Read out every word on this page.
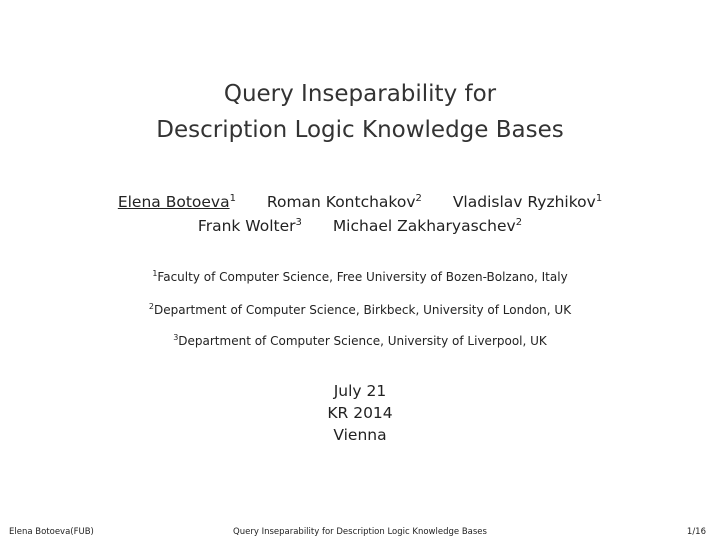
Query Inseparability for
Description Logic Knowledge Bases
Elena Botoeva$^1$ Roman Kontchakov$^2$ Vladislav Ryzhikov$^1$
Frank Wolter$^3$ Michael Zakharyaschev$^2$
$^1$Faculty of Computer Science, Free University of Bozen-Bolzano, Italy
$^2$Department of Computer Science, Birkbeck, University of London, UK
$^3$Department of Computer Science, University of Liverpool, UK
July 21
KR 2014
Vienna
Elena Botoeva(FUB)	Query Inseparability for Description Logic Knowledge Bases	1/16
